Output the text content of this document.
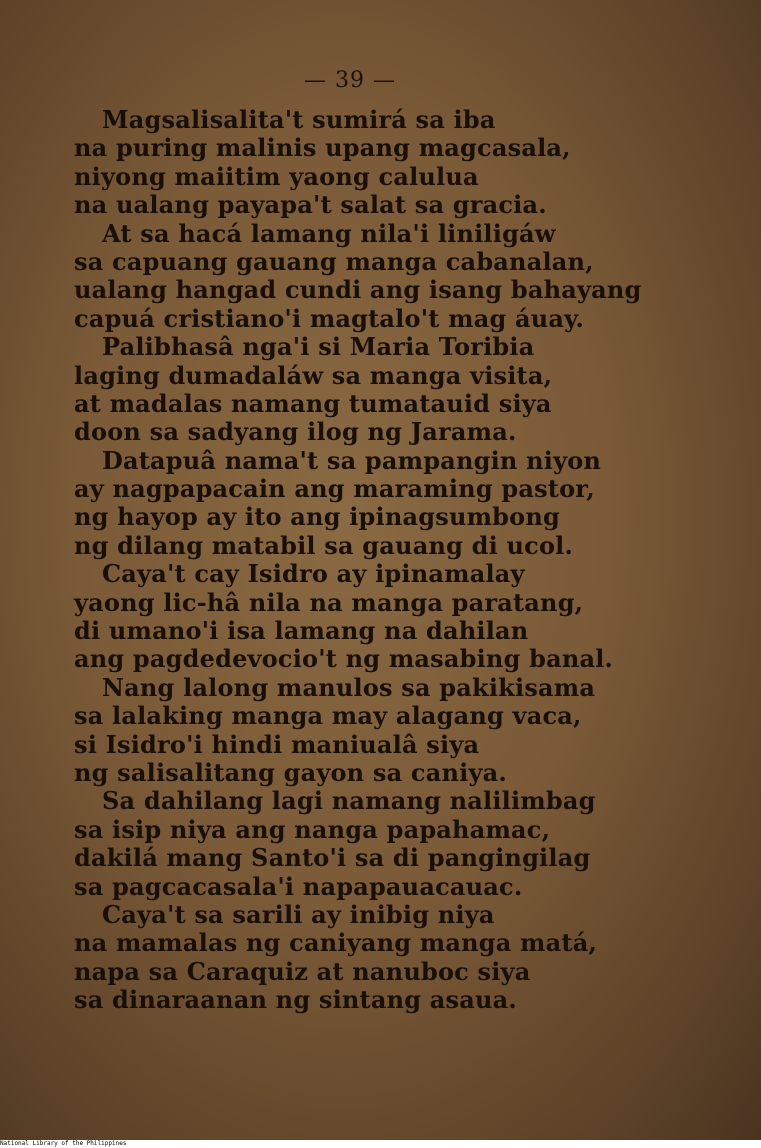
— 39 —
Magsalisalita't sumirá sa iba
na puring malinis upang magcasala,
niyong maiitim yaong calulua
na ualang payapa't salat sa gracia.
At sa hacá lamang nila'i liniligáw
sa capuang gauang manga cabanalan,
ualang hangad cundi ang isang bahayang
capuá cristiano'i magtalo't mag áuay.
Palibhasâ nga'i si Maria Toribia
laging dumadaláw sa manga visita,
at madalas namang tumatauid siya
doon sa sadyang ilog ng Jarama.
Datapuâ nama't sa pampangin niyon
ay nagpapacain ang maraming pastor,
ng hayop ay ito ang ipinagsumbong
ng dilang matabil sa gauang di ucol.
Caya't cay Isidro ay ipinamalay
yaong lic-hâ nila na manga paratang,
di umano'i isa lamang na dahilan
ang pagdedevocio't ng masabing banal.
Nang lalong manulos sa pakikisama
sa lalaking manga may alagang vaca,
si Isidro'i hindi maniualâ siya
ng salisalitang gayon sa caniya.
Sa dahilang lagi namang nalilimbag
sa isip niya ang nanga papahamac,
dakilá mang Santo'i sa di pangingilag
sa pagcacasala'i napapauacauac.
Caya't sa sarili ay inibig niya
na mamalas ng caniyang manga matá,
napa sa Caraquiz at nanuboc siya
sa dinaraanan ng sintang asaua.
National Library of the Philippines
